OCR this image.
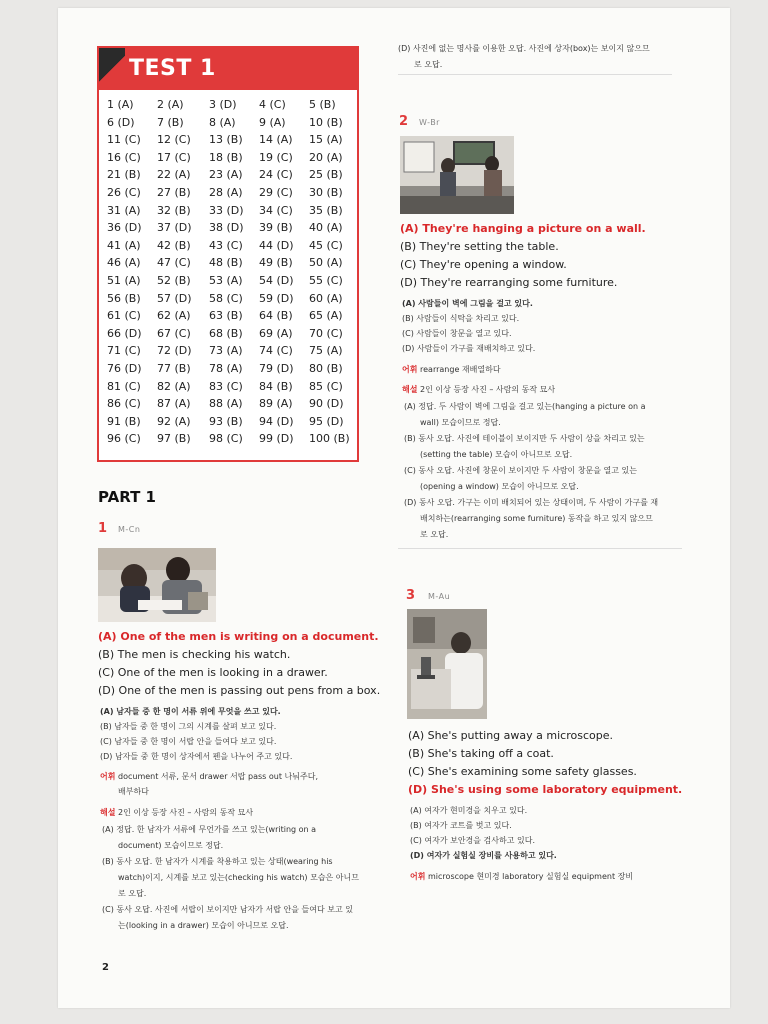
TEST 1
1 (A)	2 (A)	3 (D)	4 (C)	5 (B)
6 (D)	7 (B)	8 (A)	9 (A)	10 (B)
11 (C)	12 (C)	13 (B)	14 (A)	15 (A)
16 (C)	17 (C)	18 (B)	19 (C)	20 (A)
21 (B)	22 (A)	23 (A)	24 (C)	25 (B)
26 (C)	27 (B)	28 (A)	29 (C)	30 (B)
31 (A)	32 (B)	33 (D)	34 (C)	35 (B)
36 (D)	37 (D)	38 (D)	39 (B)	40 (A)
41 (A)	42 (B)	43 (C)	44 (D)	45 (C)
46 (A)	47 (C)	48 (B)	49 (B)	50 (A)
51 (A)	52 (B)	53 (A)	54 (D)	55 (C)
56 (B)	57 (D)	58 (C)	59 (D)	60 (A)
61 (C)	62 (A)	63 (B)	64 (B)	65 (A)
66 (D)	67 (C)	68 (B)	69 (A)	70 (C)
71 (C)	72 (D)	73 (A)	74 (C)	75 (A)
76 (D)	77 (B)	78 (A)	79 (D)	80 (B)
81 (C)	82 (A)	83 (C)	84 (B)	85 (C)
86 (C)	87 (A)	88 (A)	89 (A)	90 (D)
91 (B)	92 (A)	93 (B)	94 (D)	95 (D)
96 (C)	97 (B)	98 (C)	99 (D)	100 (B)
PART 1
1 M-Cn
(A) One of the men is writing on a document.
(B) The men is checking his watch.
(C) One of the men is looking in a drawer.
(D) One of the men is passing out pens from a box.
(A) 남자들 중 한 명이 서류 위에 무엇을 쓰고 있다.
(B) 남자들 중 한 명이 그의 시계를 살펴 보고 있다.
(C) 남자들 중 한 명이 서랍 안을 들여다 보고 있다.
(D) 남자들 중 한 명이 상자에서 펜을 나누어 주고 있다.
어휘 document 서류, 문서 drawer 서랍 pass out 나눠주다,
배부하다
해설 2인 이상 등장 사진 – 사람의 동작 묘사
(A) 정답. 한 남자가 서류에 무언가를 쓰고 있는(writing on a
document) 모습이므로 정답.
(B) 동사 오답. 한 남자가 시계를 착용하고 있는 상태(wearing his
watch)이지, 시계를 보고 있는(checking his watch) 모습은 아니므
로 오답.
(C) 동사 오답. 사진에 서랍이 보이지만 남자가 서랍 안을 들여다 보고 있
는(looking in a drawer) 모습이 아니므로 오답.
2
(D) 사진에 없는 명사를 이용한 오답. 사진에 상자(box)는 보이지 않으므
로 오답.
2 W-Br
(A) They're hanging a picture on a wall.
(B) They're setting the table.
(C) They're opening a window.
(D) They're rearranging some furniture.
(A) 사람들이 벽에 그림을 걸고 있다.
(B) 사람들이 식탁을 차리고 있다.
(C) 사람들이 창문을 열고 있다.
(D) 사람들이 가구를 재배치하고 있다.
어휘 rearrange 재배열하다
해설 2인 이상 등장 사진 – 사람의 동작 묘사
(A) 정답. 두 사람이 벽에 그림을 걸고 있는(hanging a picture on a
wall) 모습이므로 정답.
(B) 동사 오답. 사진에 테이블이 보이지만 두 사람이 상을 차리고 있는
(setting the table) 모습이 아니므로 오답.
(C) 동사 오답. 사진에 창문이 보이지만 두 사람이 창문을 열고 있는
(opening a window) 모습이 아니므로 오답.
(D) 동사 오답. 가구는 이미 배치되어 있는 상태이며, 두 사람이 가구를 재
배치하는(rearranging some furniture) 동작을 하고 있지 않으므
로 오답.
3 M-Au
(A) She's putting away a microscope.
(B) She's taking off a coat.
(C) She's examining some safety glasses.
(D) She's using some laboratory equipment.
(A) 여자가 현미경을 치우고 있다.
(B) 여자가 코트를 벗고 있다.
(C) 여자가 보안경을 검사하고 있다.
(D) 여자가 실험실 장비를 사용하고 있다.
어휘 microscope 현미경 laboratory 실험실 equipment 장비
